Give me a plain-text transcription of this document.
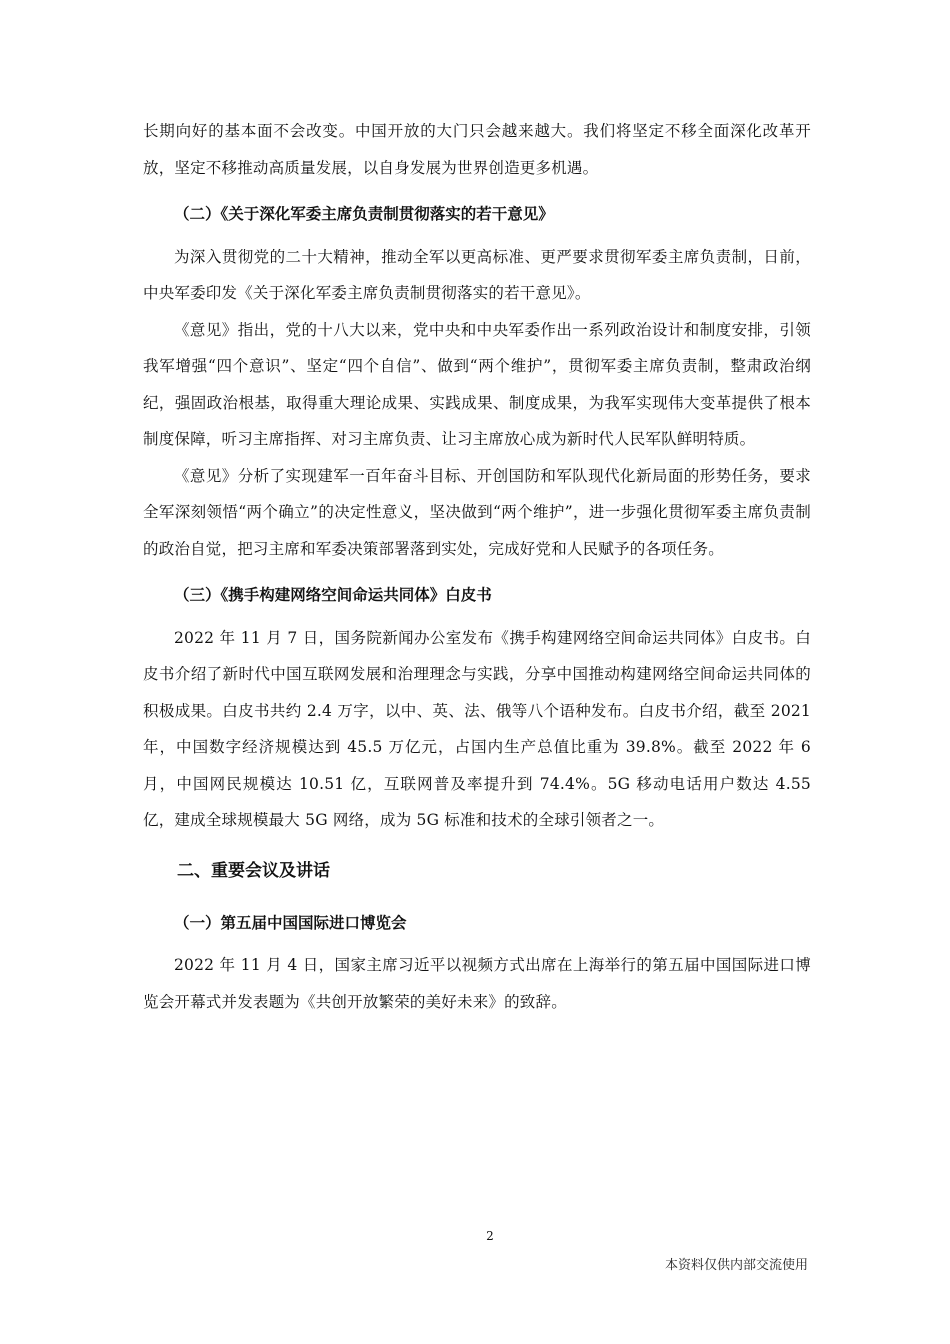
长期向好的基本面不会改变。中国开放的大门只会越来越大。我们将坚定不移全面深化改革开放，坚定不移推动高质量发展，以自身发展为世界创造更多机遇。

（二）《关于深化军委主席负责制贯彻落实的若干意见》

为深入贯彻党的二十大精神，推动全军以更高标准、更严要求贯彻军委主席负责制，日前，中央军委印发《关于深化军委主席负责制贯彻落实的若干意见》。

《意见》指出，党的十八大以来，党中央和中央军委作出一系列政治设计和制度安排，引领我军增强“四个意识”、坚定“四个自信”、做到“两个维护”，贯彻军委主席负责制，整肃政治纲纪，强固政治根基，取得重大理论成果、实践成果、制度成果，为我军实现伟大变革提供了根本制度保障，听习主席指挥、对习主席负责、让习主席放心成为新时代人民军队鲜明特质。

《意见》分析了实现建军一百年奋斗目标、开创国防和军队现代化新局面的形势任务，要求全军深刻领悟“两个确立”的决定性意义，坚决做到“两个维护”，进一步强化贯彻军委主席负责制的政治自觉，把习主席和军委决策部署落到实处，完成好党和人民赋予的各项任务。

（三）《携手构建网络空间命运共同体》白皮书

2022 年 11 月 7 日，国务院新闻办公室发布《携手构建网络空间命运共同体》白皮书。白皮书介绍了新时代中国互联网发展和治理理念与实践，分享中国推动构建网络空间命运共同体的积极成果。白皮书共约 2.4 万字，以中、英、法、俄等八个语种发布。白皮书介绍，截至 2021 年，中国数字经济规模达到 45.5 万亿元，占国内生产总值比重为 39.8%。截至 2022 年 6 月，中国网民规模达 10.51 亿，互联网普及率提升到 74.4%。5G 移动电话用户数达 4.55 亿，建成全球规模最大 5G 网络，成为 5G 标准和技术的全球引领者之一。

二、重要会议及讲话
（一）第五届中国国际进口博览会

2022 年 11 月 4 日，国家主席习近平以视频方式出席在上海举行的第五届中国国际进口博览会开幕式并发表题为《共创开放繁荣的美好未来》的致辞。

2
本资料仅供内部交流使用
